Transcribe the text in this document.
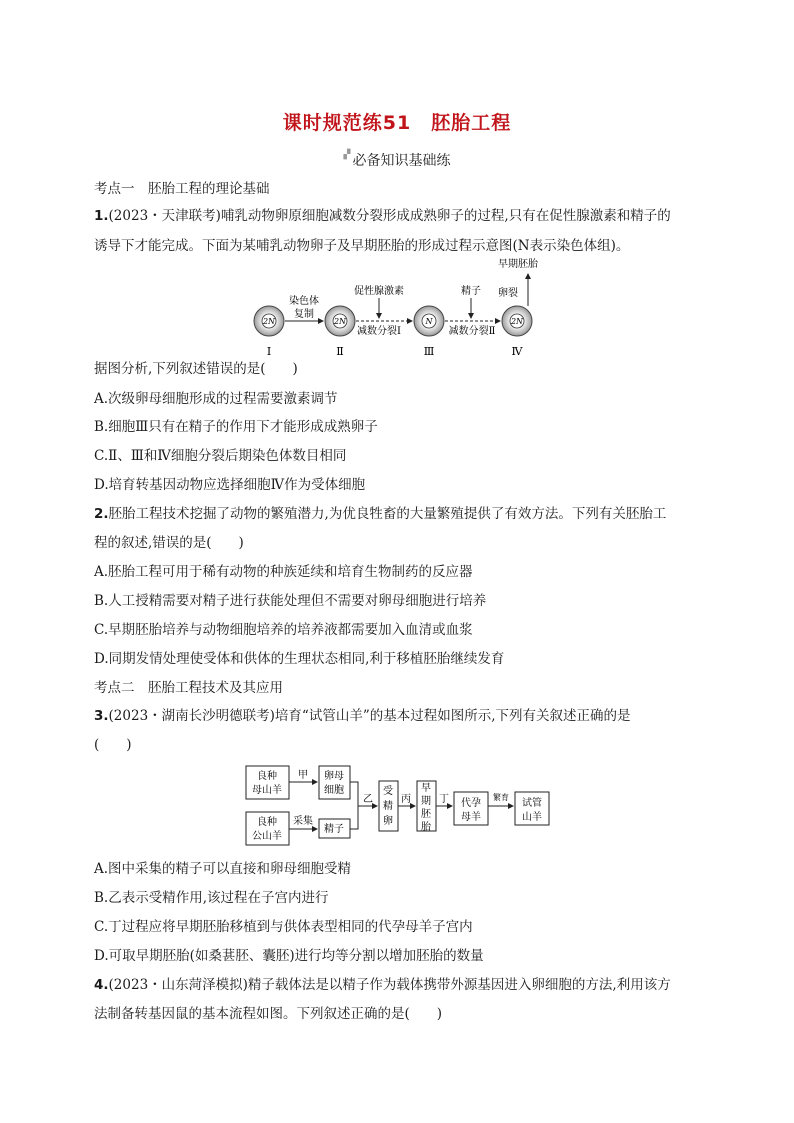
课时规范练51　胚胎工程
▞ 必备知识基础练
考点一　胚胎工程的理论基础
1.(2023・天津联考)哺乳动物卵原细胞减数分裂形成成熟卵子的过程,只有在促性腺激素和精子的
诱导下才能完成。下面为某哺乳动物卵子及早期胚胎的形成过程示意图(N表示染色体组)。
2N	2N	N	2N
Ⅰ	Ⅱ	Ⅲ	Ⅳ
染色体
复制
减数分裂Ⅰ
促性腺激素
减数分裂Ⅱ
精子 卵裂
早期胚胎
据图分析,下列叙述错误的是(　　)
A.次级卵母细胞形成的过程需要激素调节
B.细胞Ⅲ只有在精子的作用下才能形成成熟卵子
C.Ⅱ、Ⅲ和Ⅳ细胞分裂后期染色体数目相同
D.培育转基因动物应选择细胞Ⅳ作为受体细胞
2.胚胎工程技术挖掘了动物的繁殖潜力,为优良牲畜的大量繁殖提供了有效方法。下列有关胚胎工
程的叙述,错误的是(　　)
A.胚胎工程可用于稀有动物的种族延续和培育生物制药的反应器
B.人工授精需要对精子进行获能处理但不需要对卵母细胞进行培养
C.早期胚胎培养与动物细胞培养的培养液都需要加入血清或血浆
D.同期发情处理使受体和供体的生理状态相同,利于移植胚胎继续发育
考点二　胚胎工程技术及其应用
3.(2023・湖南长沙明德联考)培育“试管山羊”的基本过程如图所示,下列有关叙述正确的是
(　　)
良种
母山羊
良种
公山羊
卵母
细胞
精子
受
精
卵
早
期
胚
胎
代孕
母羊
试管
山羊
甲
采集
乙	丙	丁	繁育
A.图中采集的精子可以直接和卵母细胞受精
B.乙表示受精作用,该过程在子宫内进行
C.丁过程应将早期胚胎移植到与供体表型相同的代孕母羊子宫内
D.可取早期胚胎(如桑葚胚、囊胚)进行均等分割以增加胚胎的数量
4.(2023・山东菏泽模拟)精子载体法是以精子作为载体携带外源基因进入卵细胞的方法,利用该方
法制备转基因鼠的基本流程如图。下列叙述正确的是(　　)
